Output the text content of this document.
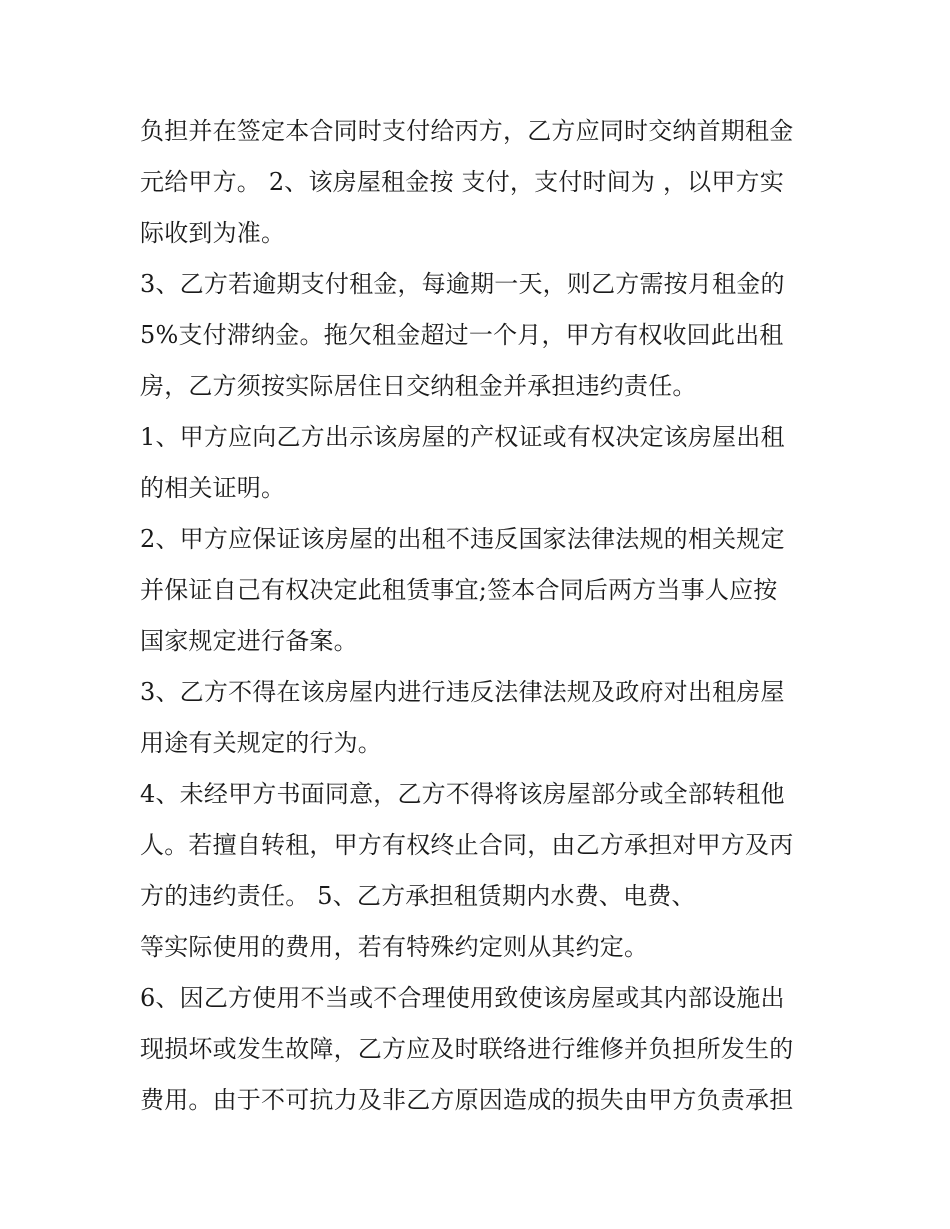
负担并在签定本合同时支付给丙方，乙方应同时交纳首期租金
元给甲方。 2、该房屋租金按 支付，支付时间为 ，以甲方实
际收到为准。
3、乙方若逾期支付租金，每逾期一天，则乙方需按月租金的
5%支付滞纳金。拖欠租金超过一个月，甲方有权收回此出租
房，乙方须按实际居住日交纳租金并承担违约责任。
1、甲方应向乙方出示该房屋的产权证或有权决定该房屋出租
的相关证明。
2、甲方应保证该房屋的出租不违反国家法律法规的相关规定
并保证自己有权决定此租赁事宜;签本合同后两方当事人应按
国家规定进行备案。
3、乙方不得在该房屋内进行违反法律法规及政府对出租房屋
用途有关规定的行为。
4、未经甲方书面同意，乙方不得将该房屋部分或全部转租他
人。若擅自转租，甲方有权终止合同，由乙方承担对甲方及丙
方的违约责任。 5、乙方承担租赁期内水费、电费、
等实际使用的费用，若有特殊约定则从其约定。
6、因乙方使用不当或不合理使用致使该房屋或其内部设施出
现损坏或发生故障，乙方应及时联络进行维修并负担所发生的
费用。由于不可抗力及非乙方原因造成的损失由甲方负责承担
